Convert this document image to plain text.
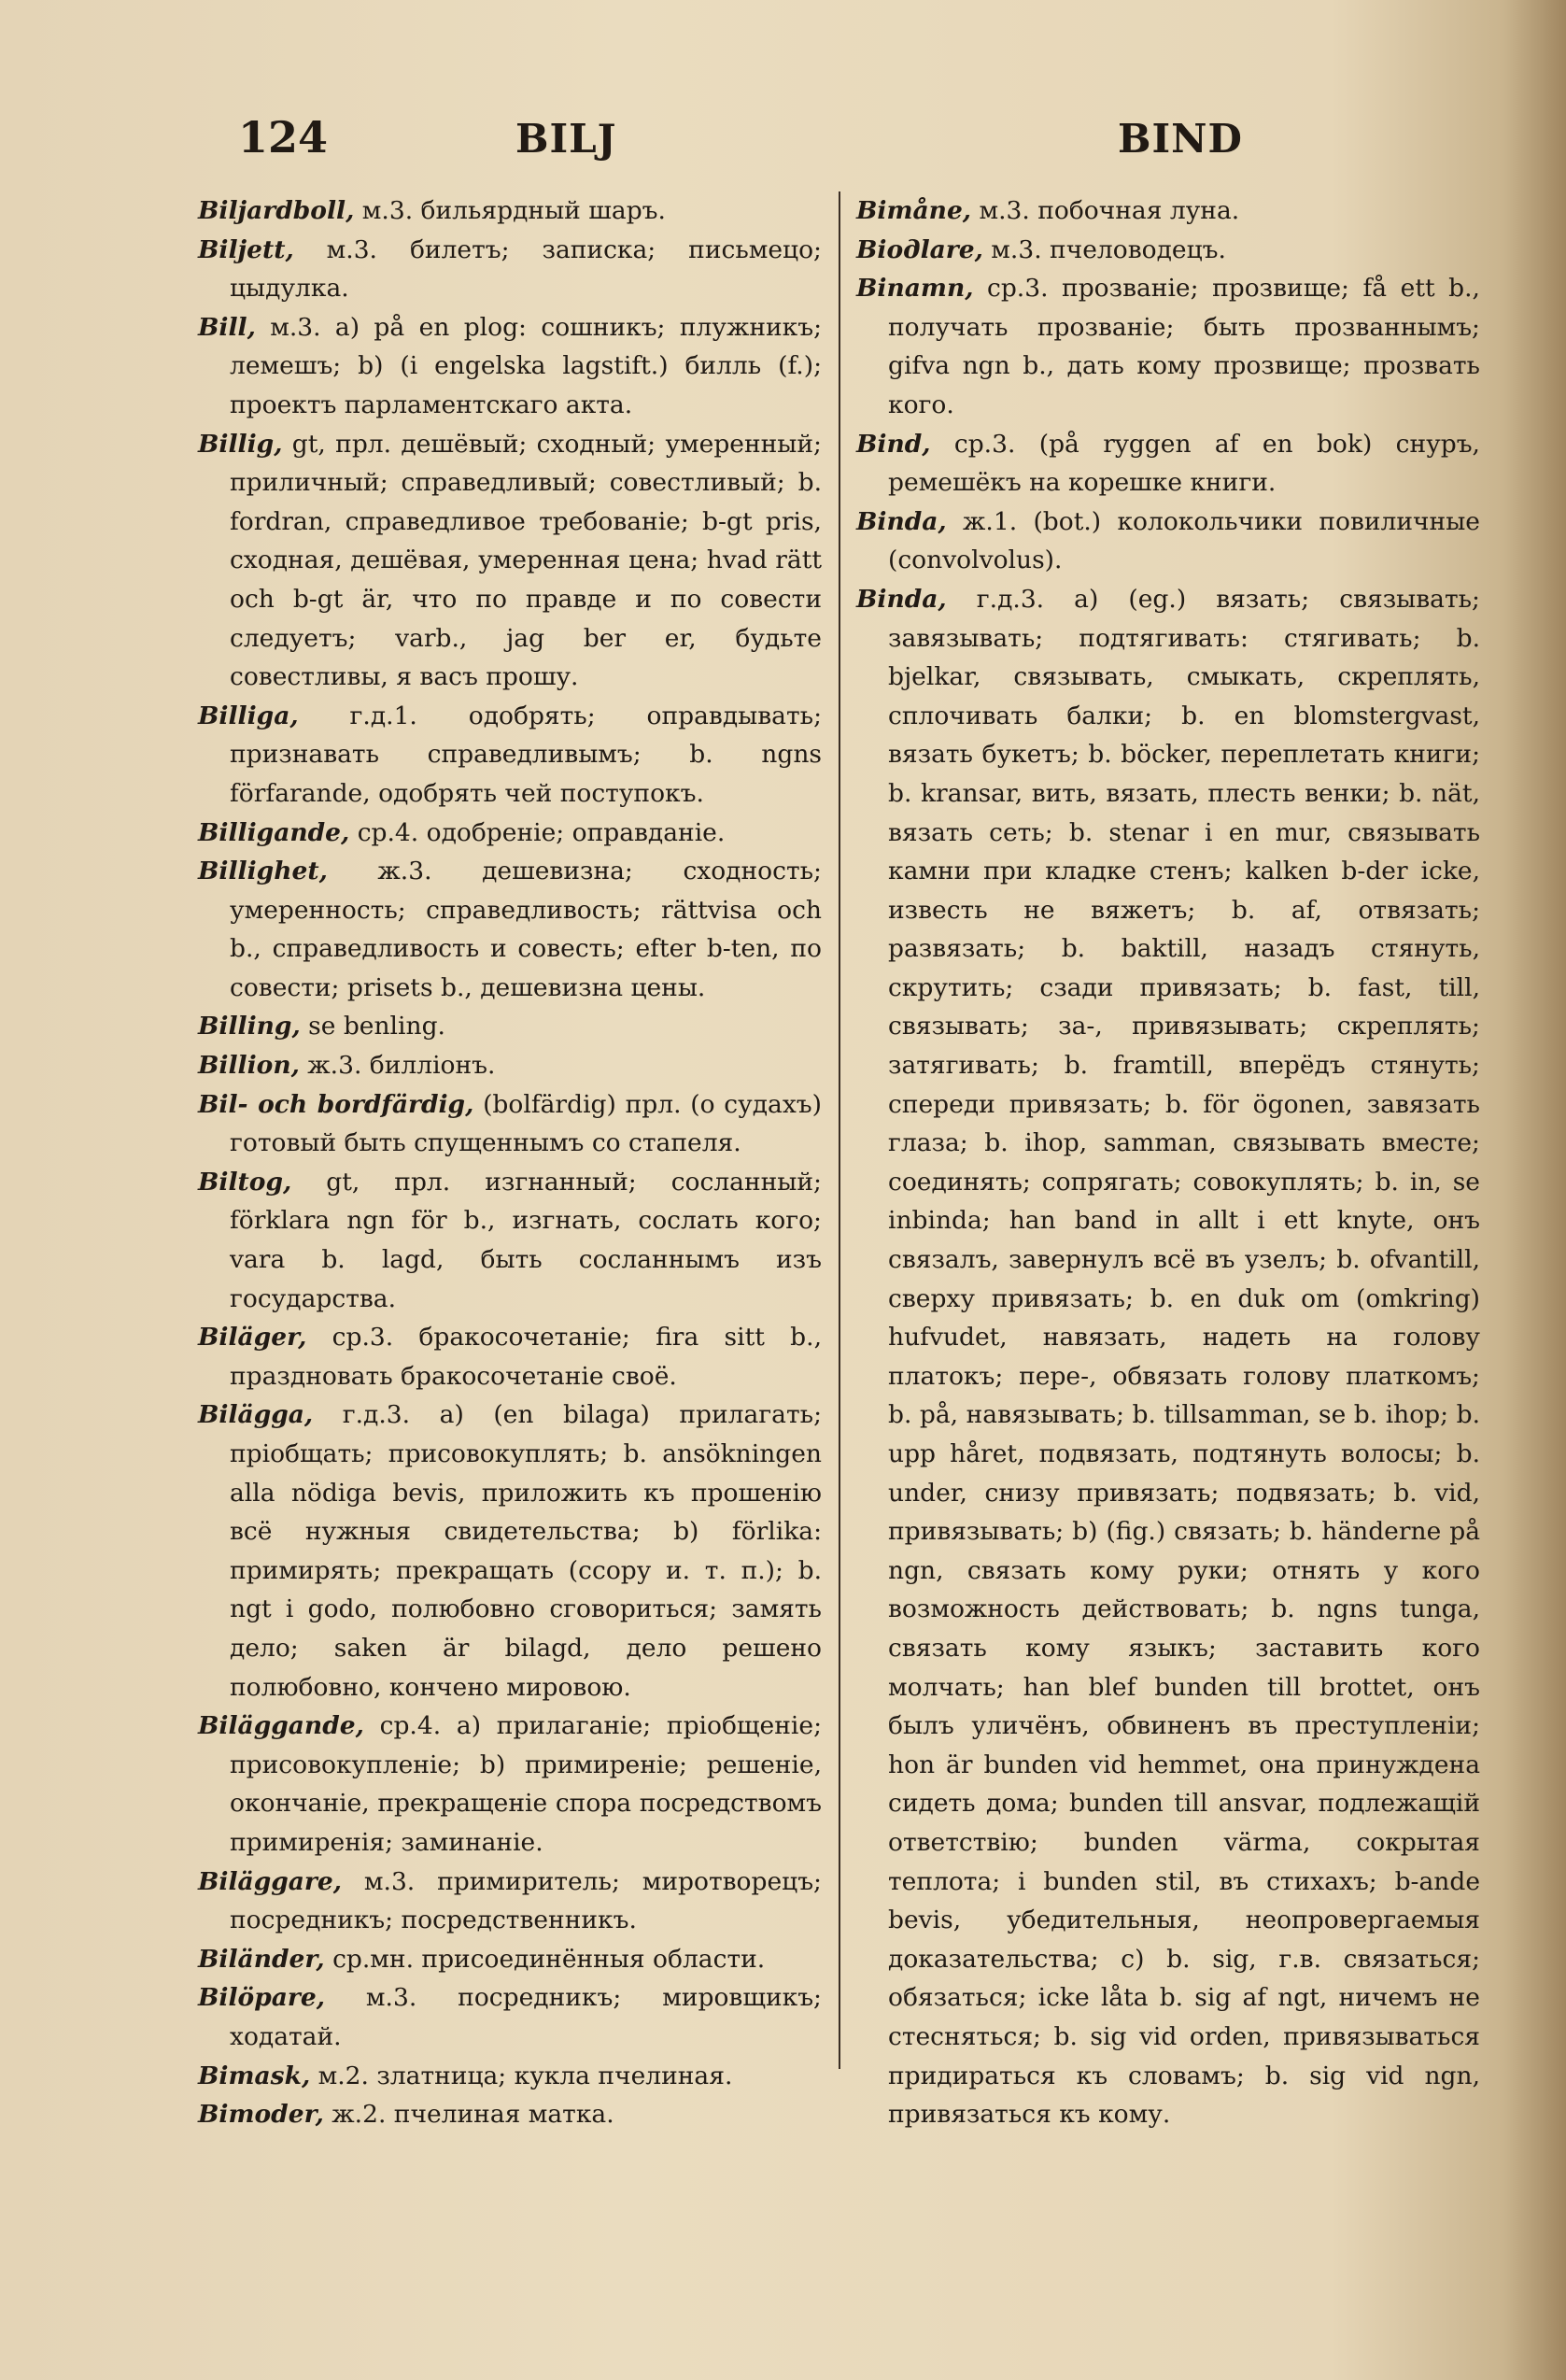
124	BILJ	BIND
Biljardboll, м.3. бильярдный шаръ.
Biljett, м.3. билетъ; записка; письмецо; цыдулка.
Bill, м.3. a) på en plog: сошникъ; плужникъ; лемешъ; b) (i engelska lagstift.) билль (f.); проектъ парламентскаго акта.
Billig, gt, прл. дешёвый; сходный; умеренный; приличный; справедливый; совестливый; b. fordran, справедливое требованіе; b-gt pris, сходная, дешёвая, умеренная цена; hvad rätt och b-gt är, что по правде и по совести следуетъ; varb., jag ber er, будьте совестливы, я васъ прошу.
Billiga, г.д.1. одобрять; оправдывать; признавать справедливымъ; b. ngns förfarande, одобрять чей поступокъ.
Billigande, ср.4. одобреніе; оправданіе.
Billighet, ж.3. дешевизна; сходность; умеренность; справедливость; rättvisa och b., справедливость и совесть; efter b-ten, по совести; prisets b., дешевизна цены.
Billing, se benling.
Billion, ж.3. билліонъ.
Bil- och bordfärdig, (bolfärdig) прл. (о судахъ) готовый быть спущеннымъ со стапеля.
Biltog, gt, прл. изгнанный; сосланный; förklara ngn för b., изгнать, сослать кого; vara b. lagd, быть сосланнымъ изъ государства.
Biläger, ср.3. бракосочетаніе; fira sitt b., праздновать бракосочетаніе своё.
Bilägga, г.д.3. a) (en bilaga) прилагать; пріобщать; присовокуплять; b. ansökningen alla nödiga bevis, приложить къ прошенію всё нужныя свидетельства; b) förlika: примирять; прекращать (ссору и. т. п.); b. ngt i godo, полюбовно сговориться; замять дело; saken är bilagd, дело решено полюбовно, кончено мировою.
Biläggande, ср.4. a) прилаганіе; пріобщеніе; присовокупленіе; b) примиреніе; решеніе, окончаніе, прекращеніе спора посредствомъ примиренія; заминаніе.
Biläggare, м.3. примиритель; миротворецъ; посредникъ; посредственникъ.
Biländer, ср.мн. присоединённыя области.
Bilöpare, м.3. посредникъ; мировщикъ; ходатай.
Bimask, м.2. златница; кукла пчелиная.
Bimoder, ж.2. пчелиная матка.
Bimåne, м.3. побочная луна.
Biодlare, м.3. пчеловодецъ.
Binamn, ср.3. прозваніе; прозвище; få ett b., получать прозваніе; быть прозваннымъ; gifva ngn b., дать кому прозвище; прозвать кого.
Bind, ср.3. (på ryggen af en bok) снуръ, ремешёкъ на корешке книги.
Binda, ж.1. (bot.) колокольчики повиличные (convolvolus).
Binda, г.д.3. a) (eg.) вязать; связывать; завязывать; подтягивать: стягивать; b. bjelkar, связывать, смыкать, скреплять, сплочивать балки; b. en blomstergvast, вязать букетъ; b. böcker, переплетать книги; b. kransar, вить, вязать, плесть венки; b. nät, вязать сеть; b. stenar i en mur, связывать камни при кладке стенъ; kalken b-der icke, известь не вяжетъ; b. af, отвязать; развязать; b. baktill, назадъ стянуть, скрутить; сзади привязать; b. fast, till, связывать; за-, привязывать; скреплять; затягивать; b. framtill, вперёдъ стянуть; спереди привязать; b. för ögonen, завязать глаза; b. ihop, samman, связывать вместе; соединять; сопрягать; совокуплять; b. in, se inbinda; han band in allt i ett knyte, онъ связалъ, завернулъ всё въ узелъ; b. ofvantill, сверху привязать; b. en duk om (omkring) hufvudet, навязать, надеть на голову платокъ; пере-, обвязать голову платкомъ; b. på, навязывать; b. tillsamman, se b. ihop; b. upp håret, подвязать, подтянуть волосы; b. under, снизу привязать; подвязать; b. vid, привязывать; b) (fig.) связать; b. händerne på ngn, связать кому руки; отнять у кого возможность действовать; b. ngns tunga, связать кому языкъ; заставить кого молчать; han blef bunden till brottet, онъ былъ уличёнъ, обвиненъ въ преступленіи; hon är bunden vid hemmet, она принуждена сидеть дома; bunden till ansvar, подлежащій ответствію; bunden värma, сокрытая теплота; i bunden stil, въ стихахъ; b-ande bevis, убедительныя, неопровергаемыя доказательства; c) b. sig, г.в. связаться; обязаться; icke låta b. sig af ngt, ничемъ не стесняться; b. sig vid orden, привязываться придираться къ словамъ; b. sig vid ngn, привязаться къ кому.
